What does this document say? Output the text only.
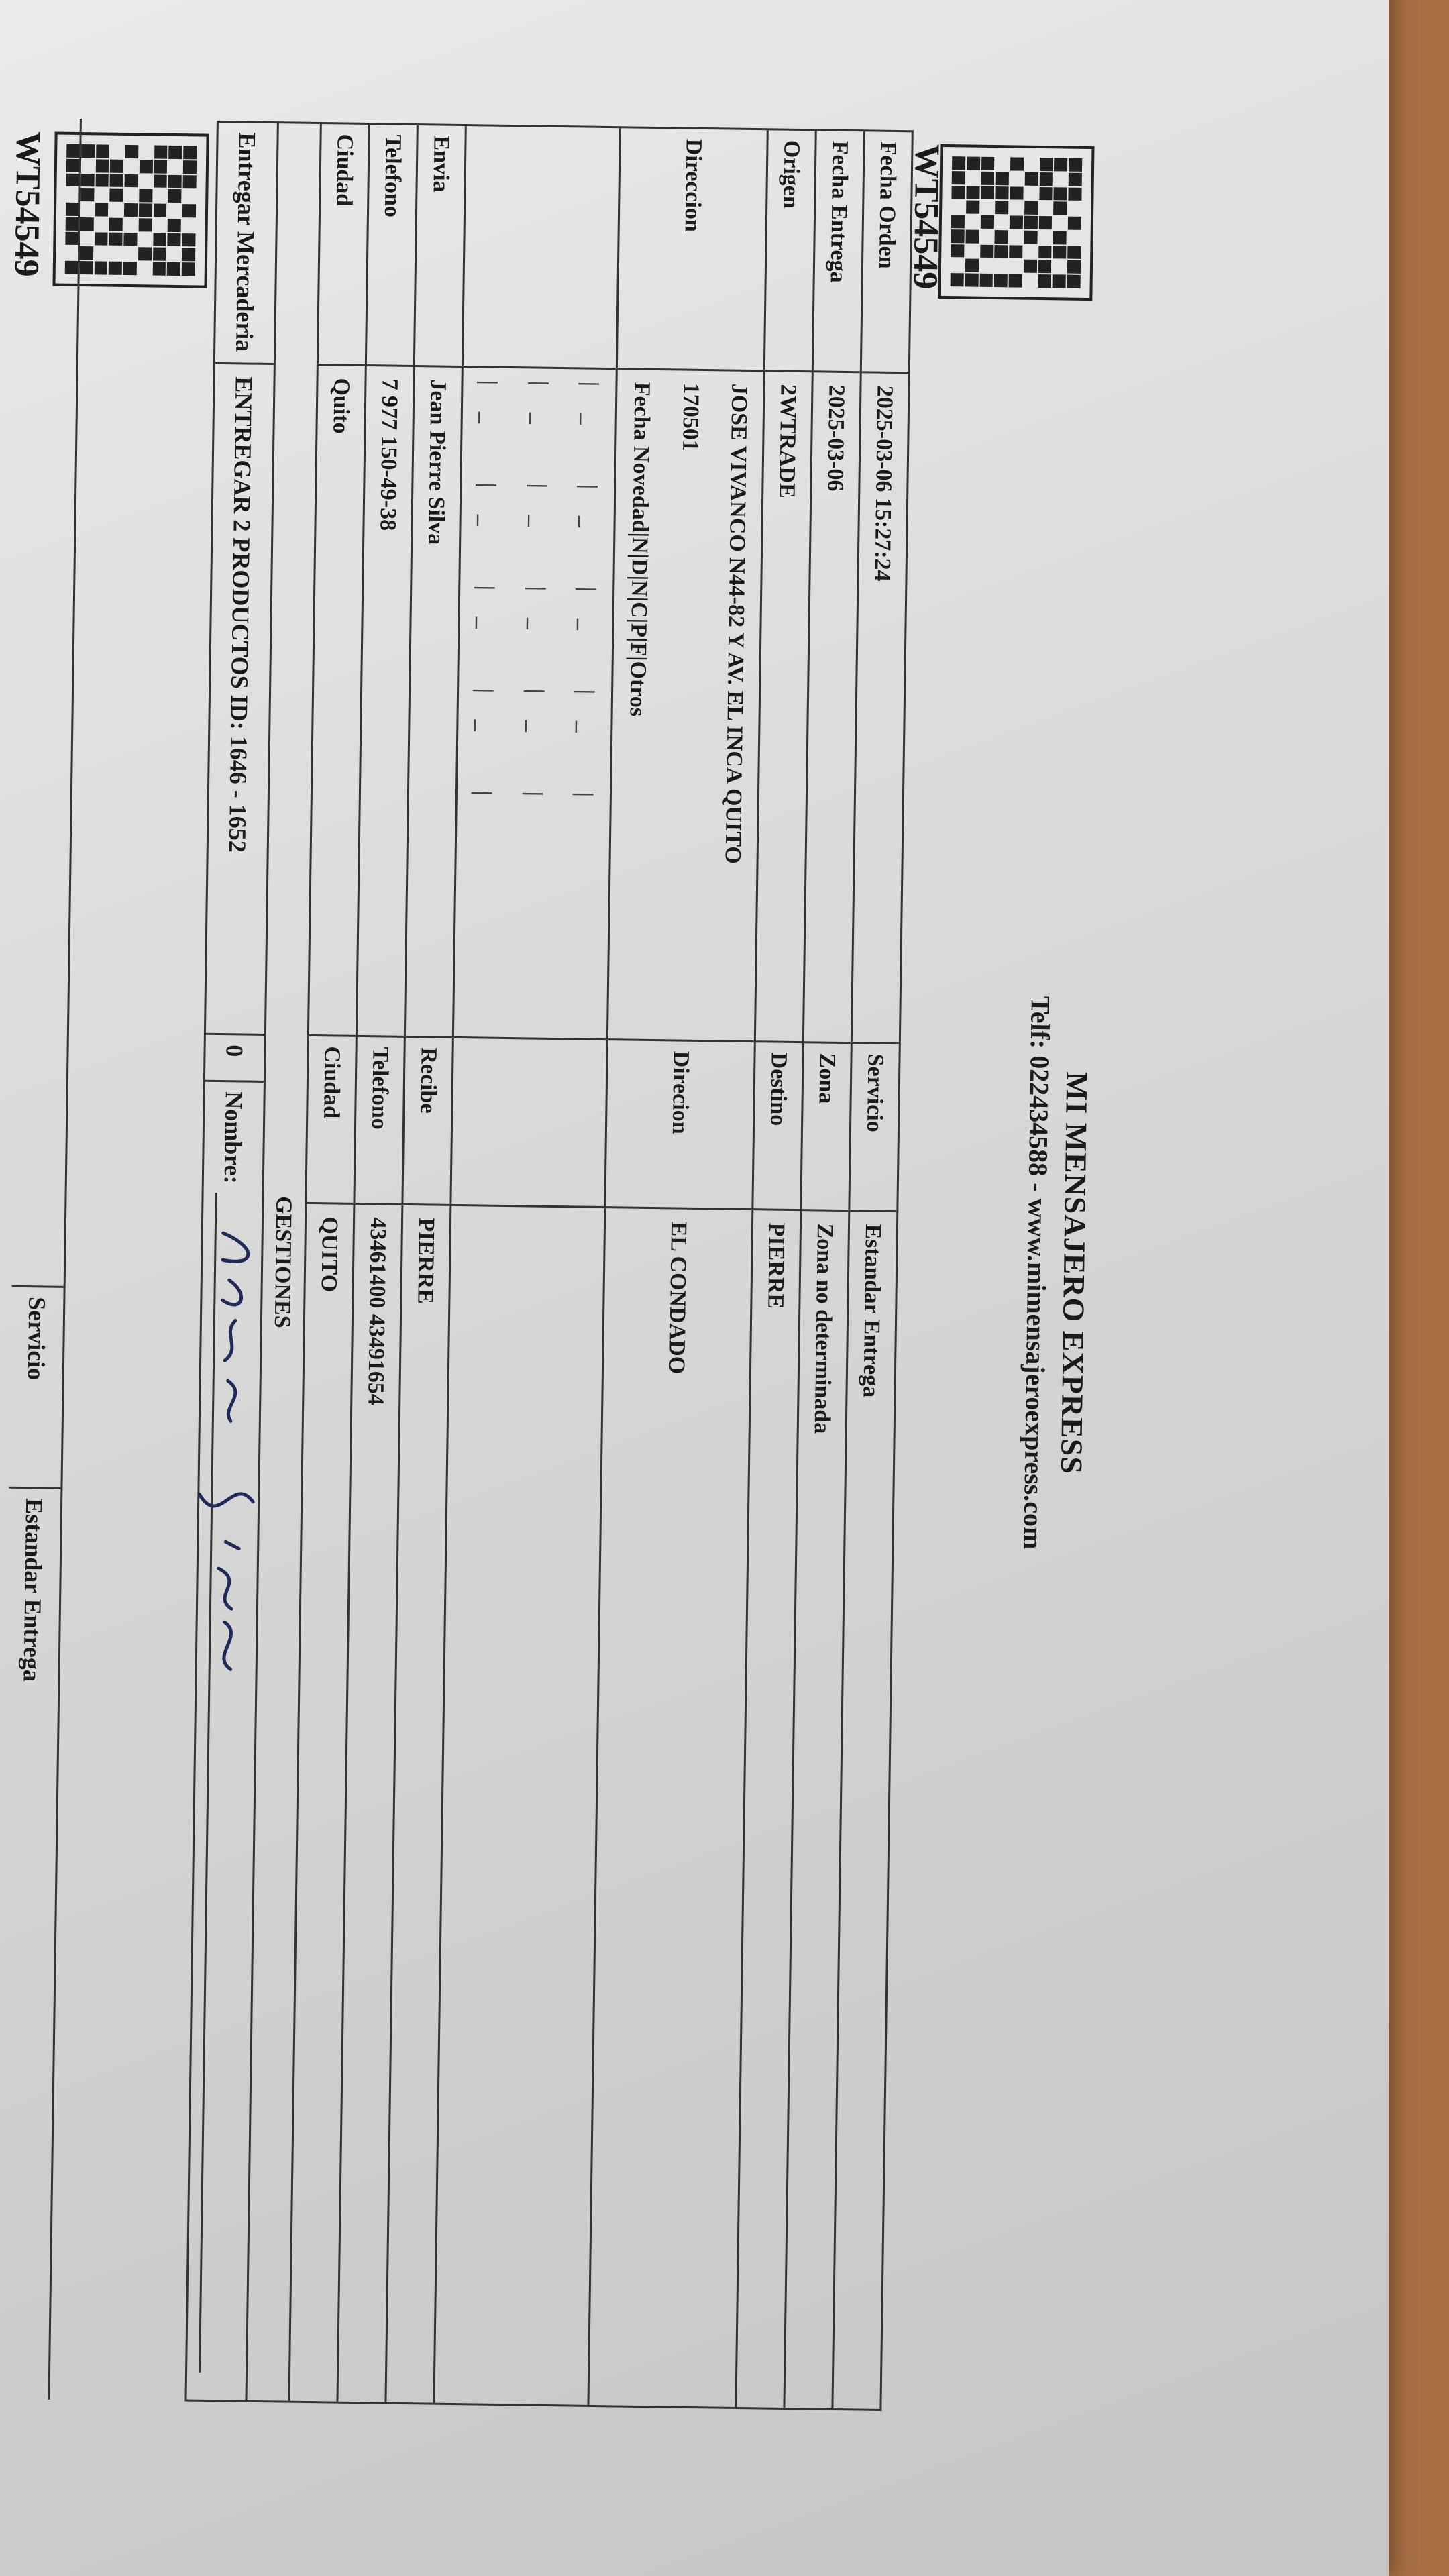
MI MENSAJERO EXPRESS
Telf: 022434588 - www.mimensajeroexpress.com
WT54549
Fecha Orden
2025-03-06 15:27:24
Servicio
Estandar Entrega
Fecha Entrega
2025-03-06
Zona
Zona no determinada
Origen
2WTRADE
Destino
PIERRE
Direccion
JOSE VIVANCO N44-82 Y AV. EL INCA QUITO
170501
Fecha Novedad|N|D|N|C|P|F|Otros
Direcion
EL CONDADO
|_ |_ |_ |_ |
|_ |_ |_ |_ |
|_ |_ |_ |_ |
Envia
Jean Pierre Silva
Recibe
PIERRE
Telefono
7 977 150-49-38
Telefono
43461400 43491654
Ciudad
Quito
Ciudad
QUITO
GESTIONES
Entregar Mercaderia
ENTREGAR 2 PRODUCTOS ID: 1646 - 1652
0
Nombre:
WT54549
Servicio
Estandar Entrega
